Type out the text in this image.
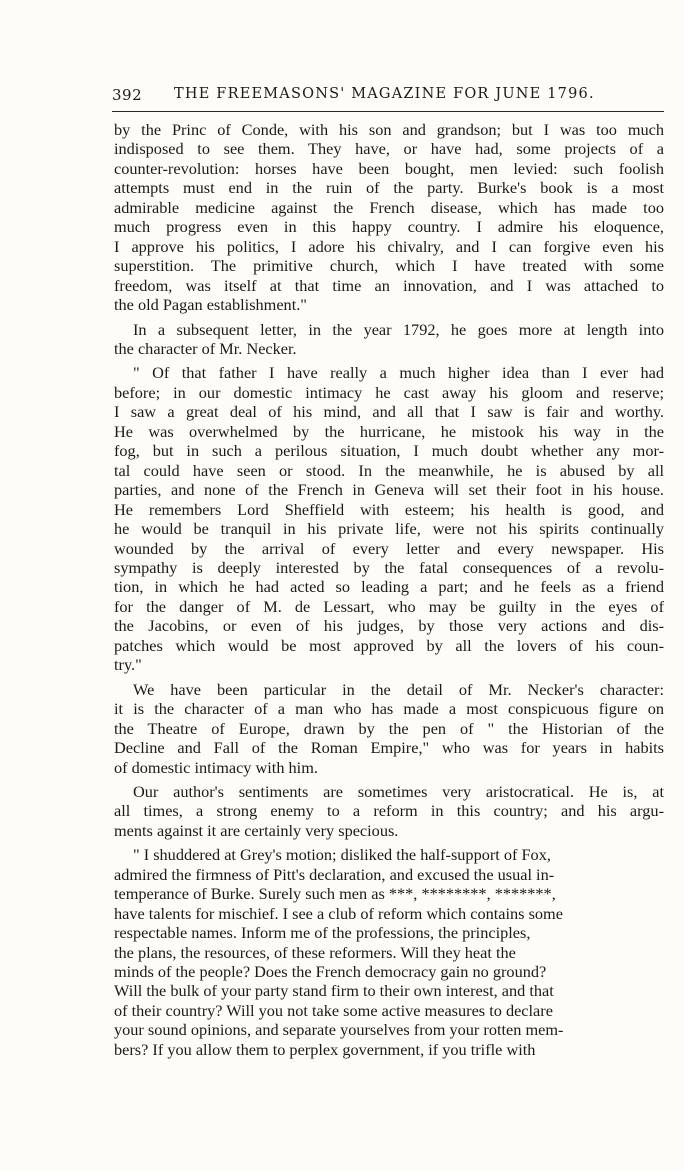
392 THE FREEMASONS' MAGAZINE FOR JUNE 1796.

by the Princ of Conde, with his son and grandson; but I was too much
indisposed to see them. They have, or have had, some projects of a
counter-revolution: horses have been bought, men levied: such foolish
attempts must end in the ruin of the party. Burke's book is a most
admirable medicine against the French disease, which has made too
much progress even in this happy country. I admire his eloquence,
I approve his politics, I adore his chivalry, and I can forgive even his
superstition. The primitive church, which I have treated with some
freedom, was itself at that time an innovation, and I was attached to
the old Pagan establishment."

In a subsequent letter, in the year 1792, he goes more at length into
the character of Mr. Necker.

" Of that father I have really a much higher idea than I ever had
before; in our domestic intimacy he cast away his gloom and reserve;
I saw a great deal of his mind, and all that I saw is fair and worthy.
He was overwhelmed by the hurricane, he mistook his way in the
fog, but in such a perilous situation, I much doubt whether any mor-
tal could have seen or stood. In the meanwhile, he is abused by all
parties, and none of the French in Geneva will set their foot in his house.
He remembers Lord Sheffield with esteem; his health is good, and
he would be tranquil in his private life, were not his spirits continually
wounded by the arrival of every letter and every newspaper. His
sympathy is deeply interested by the fatal consequences of a revolu-
tion, in which he had acted so leading a part; and he feels as a friend
for the danger of M. de Lessart, who may be guilty in the eyes of
the Jacobins, or even of his judges, by those very actions and dis-
patches which would be most approved by all the lovers of his coun-
try."

We have been particular in the detail of Mr. Necker's character:
it is the character of a man who has made a most conspicuous figure on
the Theatre of Europe, drawn by the pen of " the Historian of the
Decline and Fall of the Roman Empire," who was for years in habits
of domestic intimacy with him.

Our author's sentiments are sometimes very aristocratical. He is, at
all times, a strong enemy to a reform in this country; and his argu-
ments against it are certainly very specious.

" I shuddered at Grey's motion; disliked the half-support of Fox,
admired the firmness of Pitt's declaration, and excused the usual in-
temperance of Burke. Surely such men as ***, ********, *******,
have talents for mischief. I see a club of reform which contains some
respectable names. Inform me of the professions, the principles,
the plans, the resources, of these reformers. Will they heat the
minds of the people? Does the French democracy gain no ground?
Will the bulk of your party stand firm to their own interest, and that
of their country? Will you not take some active measures to declare
your sound opinions, and separate yourselves from your rotten mem-
bers? If you allow them to perplex government, if you trifle with
